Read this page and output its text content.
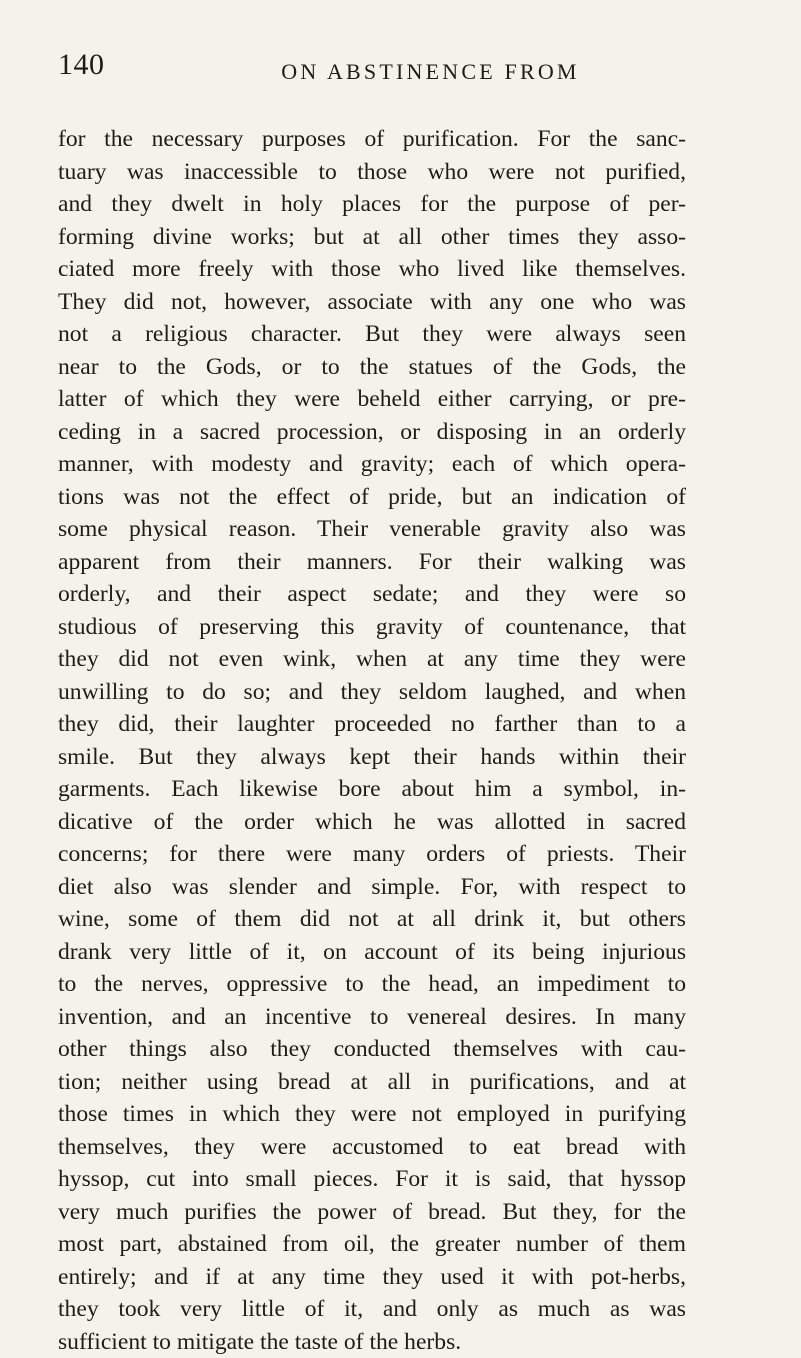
140	ON ABSTINENCE FROM
for the necessary purposes of purification. For the sanc-
tuary was inaccessible to those who were not purified,
and they dwelt in holy places for the purpose of per-
forming divine works; but at all other times they asso-
ciated more freely with those who lived like themselves.
They did not, however, associate with any one who was
not a religious character. But they were always seen
near to the Gods, or to the statues of the Gods, the
latter of which they were beheld either carrying, or pre-
ceding in a sacred procession, or disposing in an orderly
manner, with modesty and gravity; each of which opera-
tions was not the effect of pride, but an indication of
some physical reason. Their venerable gravity also was
apparent from their manners. For their walking was
orderly, and their aspect sedate; and they were so
studious of preserving this gravity of countenance, that
they did not even wink, when at any time they were
unwilling to do so; and they seldom laughed, and when
they did, their laughter proceeded no farther than to a
smile. But they always kept their hands within their
garments. Each likewise bore about him a symbol, in-
dicative of the order which he was allotted in sacred
concerns; for there were many orders of priests. Their
diet also was slender and simple. For, with respect to
wine, some of them did not at all drink it, but others
drank very little of it, on account of its being injurious
to the nerves, oppressive to the head, an impediment to
invention, and an incentive to venereal desires. In many
other things also they conducted themselves with cau-
tion; neither using bread at all in purifications, and at
those times in which they were not employed in purifying
themselves, they were accustomed to eat bread with
hyssop, cut into small pieces. For it is said, that hyssop
very much purifies the power of bread. But they, for the
most part, abstained from oil, the greater number of them
entirely; and if at any time they used it with pot-herbs,
they took very little of it, and only as much as was
sufficient to mitigate the taste of the herbs.
